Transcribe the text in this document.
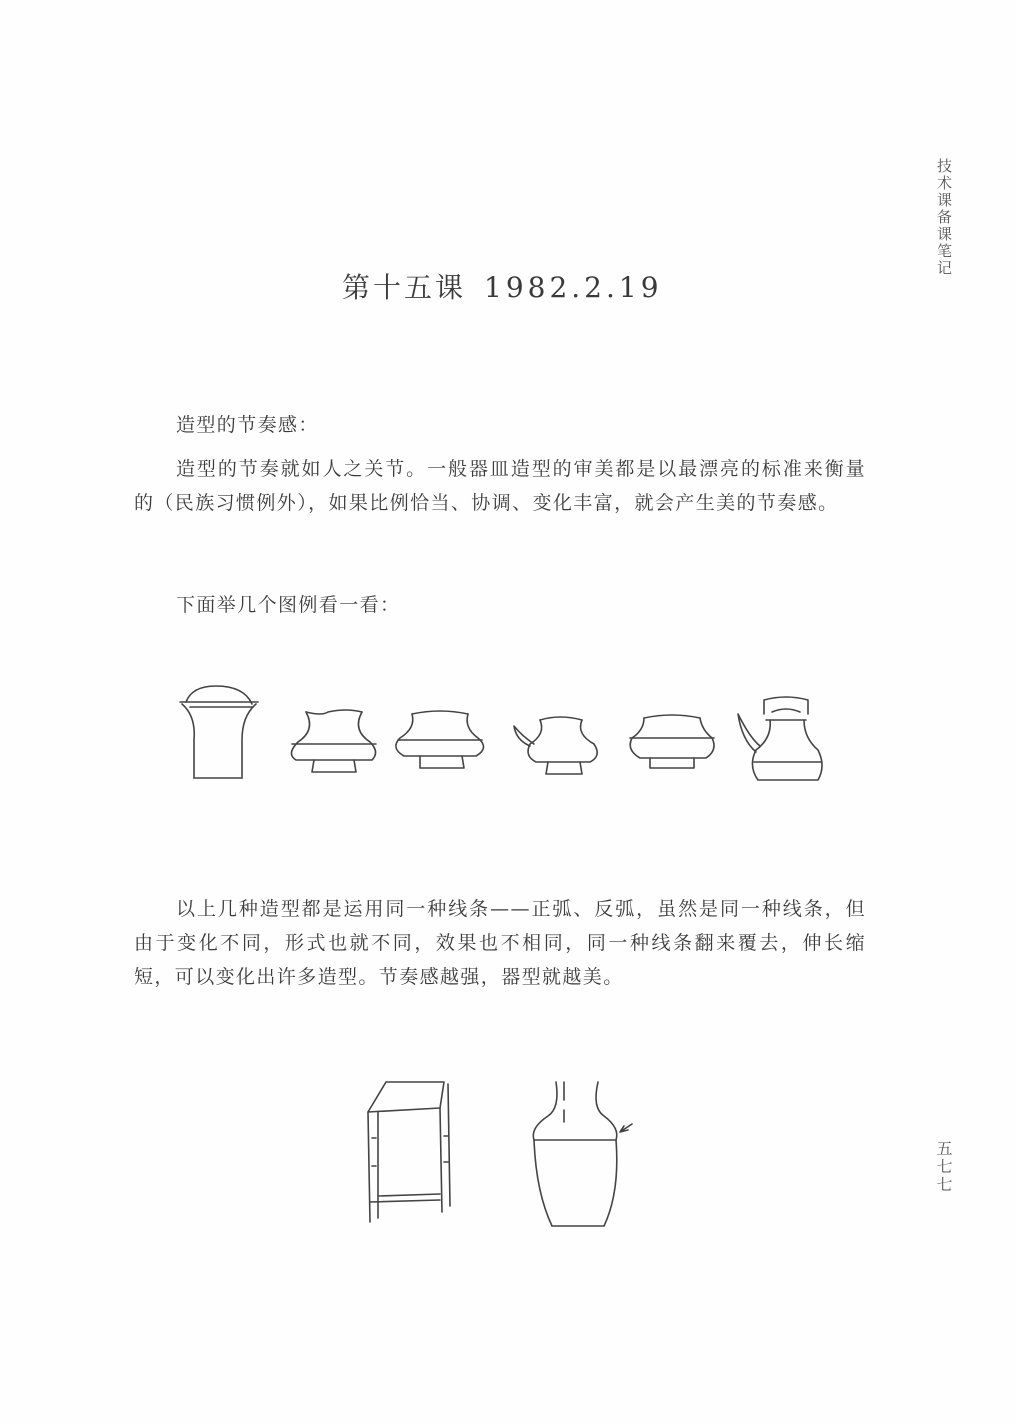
技术课备课笔记
第十五课 1982.2.19
造型的节奏感：
造型的节奏就如人之关节。一般器皿造型的审美都是以最漂亮的标准来衡量的（民族习惯例外），如果比例恰当、协调、变化丰富，就会产生美的节奏感。
下面举几个图例看一看：
以上几种造型都是运用同一种线条——正弧、反弧，虽然是同一种线条，但由于变化不同，形式也就不同，效果也不相同，同一种线条翻来覆去，伸长缩短，可以变化出许多造型。节奏感越强，器型就越美。
五七七
